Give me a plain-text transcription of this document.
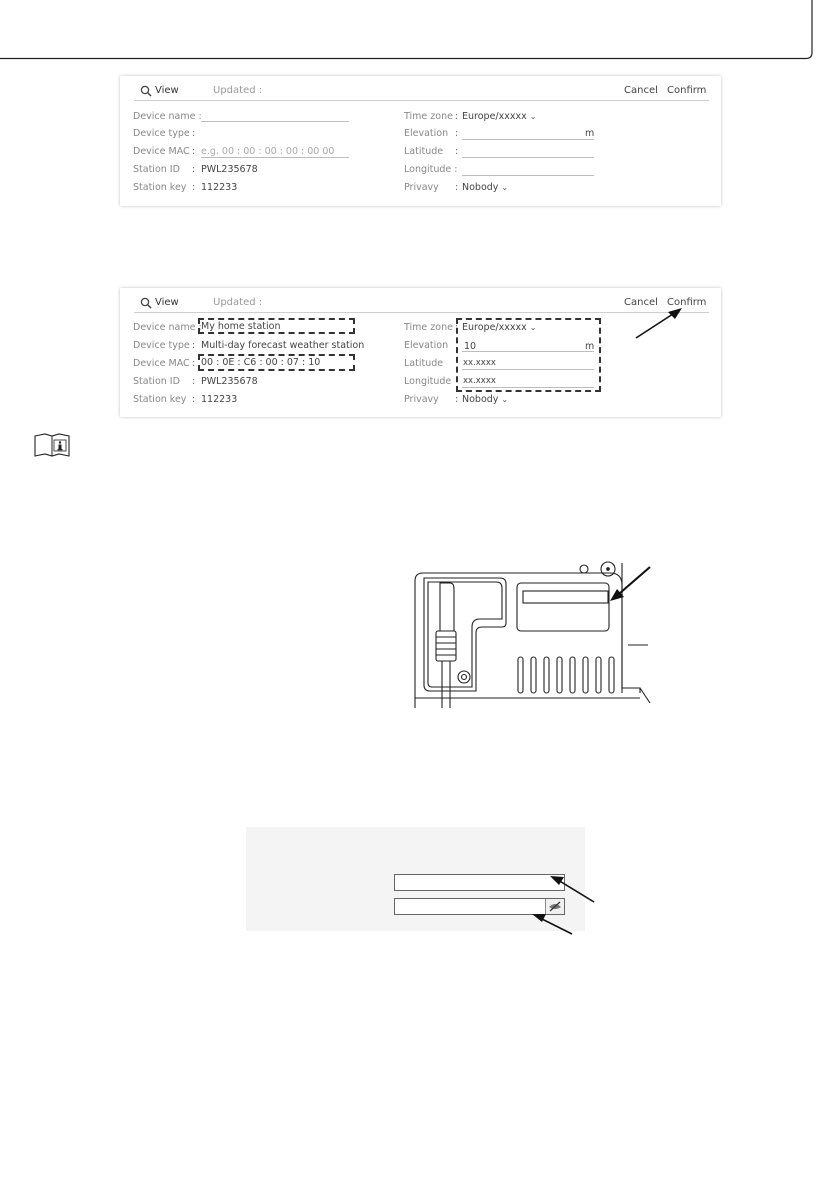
View	Updated :	Cancel Confirm
Device name :
Device type :
Device MAC : e.g. 00 : 00 : 00 : 00 : 00 00
Station ID : PWL235678
Station key : 112233
Time zone : Europe/xxxxx ⌄
Elevation :	m
Latitude :
Longitude :
Privavy : Nobody ⌄
View	Updated :	Cancel Confirm
Device name : My home station
Device type : Multi-day forecast weather station
Device MAC : 00 : 0E : C6 : 00 : 07 : 10
Station ID : PWL235678
Station key : 112233
Time zone : Europe/xxxxx ⌄
Elevation 10	m
Latitude xx.xxxx
Longitude xx.xxxx
Privavy : Nobody ⌄
